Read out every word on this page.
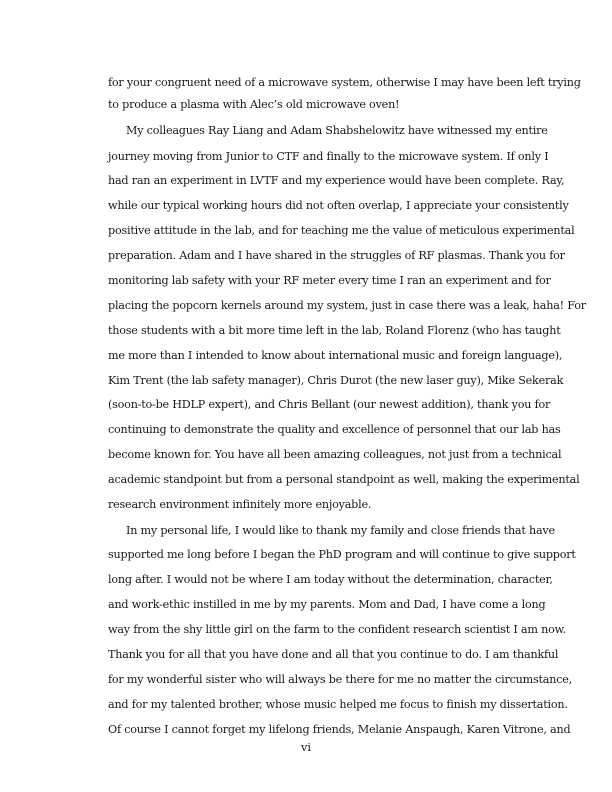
for your congruent need of a microwave system, otherwise I may have been left trying
to produce a plasma with Alec’s old microwave oven!
My colleagues Ray Liang and Adam Shabshelowitz have witnessed my entire
journey moving from Junior to CTF and finally to the microwave system. If only I
had ran an experiment in LVTF and my experience would have been complete. Ray,
while our typical working hours did not often overlap, I appreciate your consistently
positive attitude in the lab, and for teaching me the value of meticulous experimental
preparation. Adam and I have shared in the struggles of RF plasmas. Thank you for
monitoring lab safety with your RF meter every time I ran an experiment and for
placing the popcorn kernels around my system, just in case there was a leak, haha! For
those students with a bit more time left in the lab, Roland Florenz (who has taught
me more than I intended to know about international music and foreign language),
Kim Trent (the lab safety manager), Chris Durot (the new laser guy), Mike Sekerak
(soon-to-be HDLP expert), and Chris Bellant (our newest addition), thank you for
continuing to demonstrate the quality and excellence of personnel that our lab has
become known for. You have all been amazing colleagues, not just from a technical
academic standpoint but from a personal standpoint as well, making the experimental
research environment infinitely more enjoyable.
In my personal life, I would like to thank my family and close friends that have
supported me long before I began the PhD program and will continue to give support
long after. I would not be where I am today without the determination, character,
and work-ethic instilled in me by my parents. Mom and Dad, I have come a long
way from the shy little girl on the farm to the confident research scientist I am now.
Thank you for all that you have done and all that you continue to do. I am thankful
for my wonderful sister who will always be there for me no matter the circumstance,
and for my talented brother, whose music helped me focus to finish my dissertation.
Of course I cannot forget my lifelong friends, Melanie Anspaugh, Karen Vitrone, and
vi
